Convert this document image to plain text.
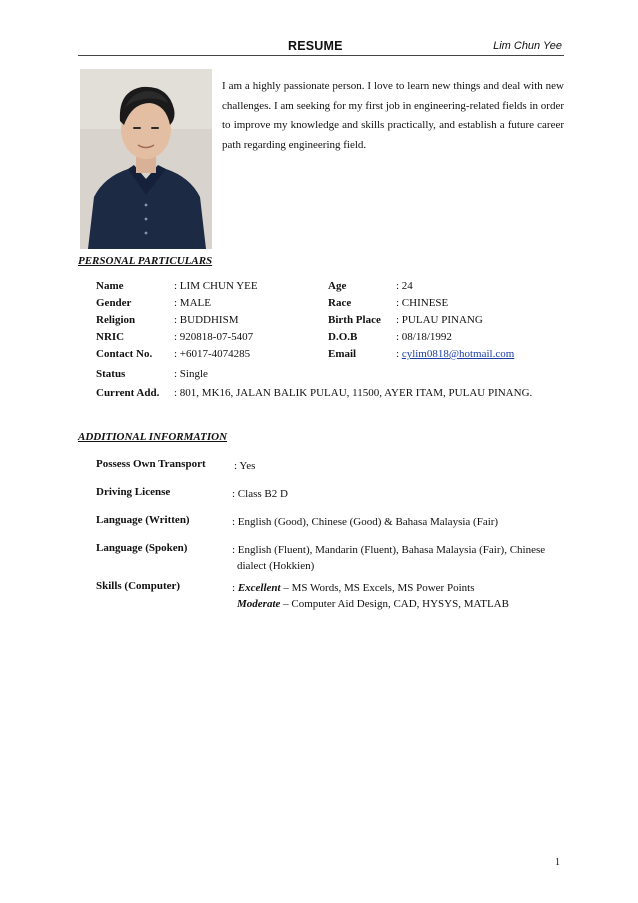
RESUME	Lim Chun Yee
I am a highly passionate person. I love to learn new things and deal with new challenges. I am seeking for my first job in engineering-related fields in order to improve my knowledge and skills practically, and establish a future career path regarding engineering field.
PERSONAL PARTICULARS
Name	: LIM CHUN YEE	Age	: 24
Gender	: MALE	Race	: CHINESE
Religion	: BUDDHISM	Birth Place : PULAU PINANG
NRIC	: 920818-07-5407	D.O.B	: 08/18/1992
Contact No. : +6017-4074285	Email	: cylim0818@hotmail.com
Status	: Single
Current Add. : 801, MK16, JALAN BALIK PULAU, 11500, AYER ITAM, PULAU PINANG.
ADDITIONAL INFORMATION
Possess Own Transport	: Yes
Driving License	: Class B2 D
Language (Written)	: English (Good), Chinese (Good) & Bahasa Malaysia (Fair)
Language (Spoken)	: English (Fluent), Mandarin (Fluent), Bahasa Malaysia (Fair), Chinese
dialect (Hokkien)
Skills (Computer)	: Excellent – MS Words, MS Excels, MS Power Points
Moderate – Computer Aid Design, CAD, HYSYS, MATLAB
1
